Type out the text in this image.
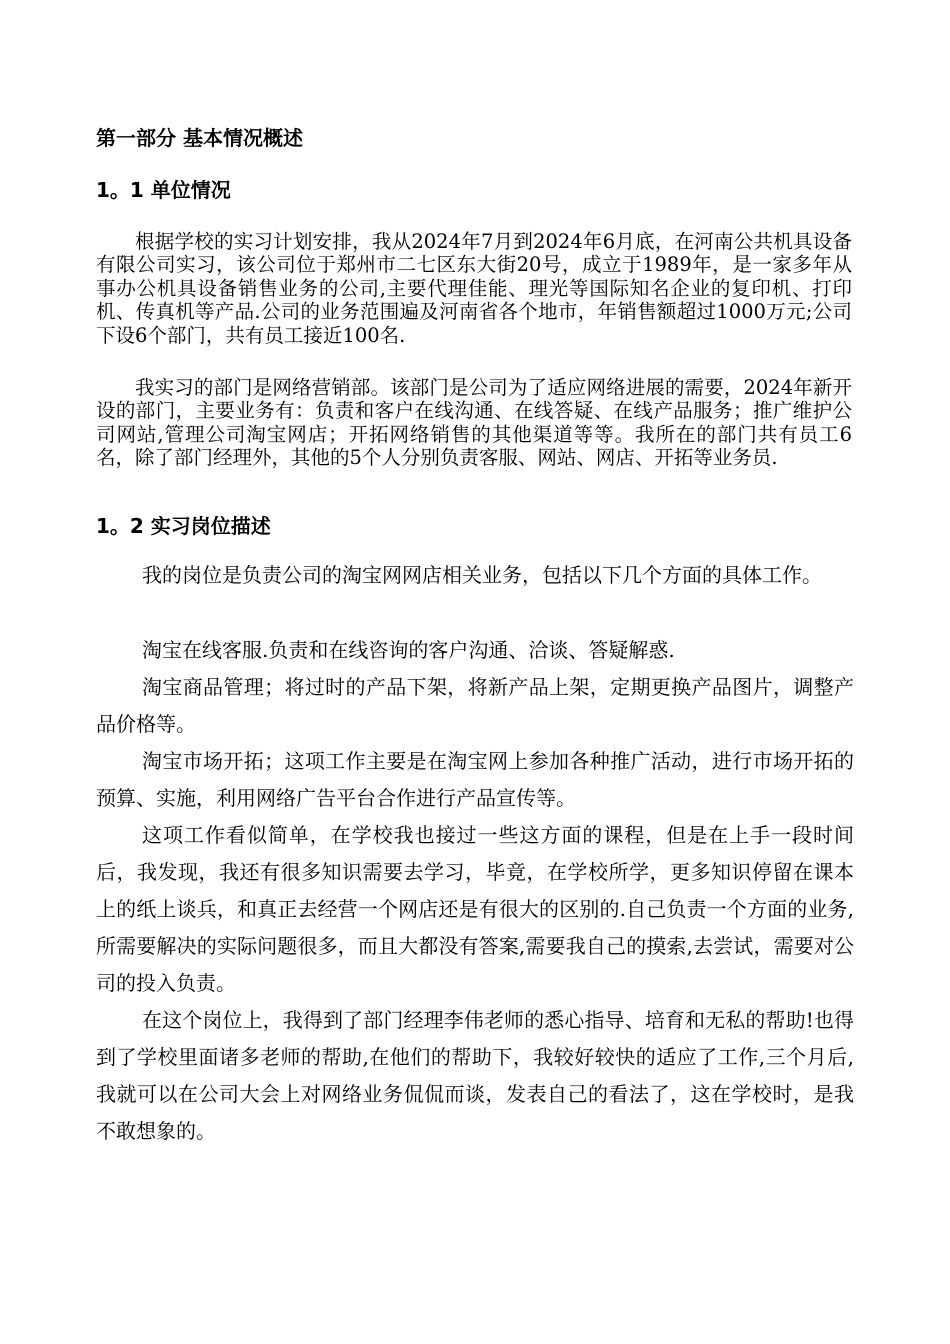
第一部分 基本情况概述
1。1 单位情况

根据学校的实习计划安排，我从2024年7月到2024年6月底，在河南公共机具设备有限公司实习，该公司位于郑州市二七区东大街20号，成立于1989年，是一家多年从事办公机具设备销售业务的公司,主要代理佳能、理光等国际知名企业的复印机、打印机、传真机等产品.公司的业务范围遍及河南省各个地市，年销售额超过1000万元;公司下设6个部门，共有员工接近100名.

我实习的部门是网络营销部。该部门是公司为了适应网络进展的需要，2024年新开设的部门，主要业务有：负责和客户在线沟通、在线答疑、在线产品服务；推广维护公司网站,管理公司淘宝网店；开拓网络销售的其他渠道等等。我所在的部门共有员工6名，除了部门经理外，其他的5个人分别负责客服、网站、网店、开拓等业务员.

1。2 实习岗位描述

我的岗位是负责公司的淘宝网网店相关业务，包括以下几个方面的具体工作。

淘宝在线客服.负责和在线咨询的客户沟通、洽谈、答疑解惑.

淘宝商品管理；将过时的产品下架，将新产品上架，定期更换产品图片，调整产品价格等。

淘宝市场开拓；这项工作主要是在淘宝网上参加各种推广活动，进行市场开拓的预算、实施，利用网络广告平台合作进行产品宣传等。

这项工作看似简单，在学校我也接过一些这方面的课程，但是在上手一段时间后，我发现，我还有很多知识需要去学习，毕竟，在学校所学，更多知识停留在课本上的纸上谈兵，和真正去经营一个网店还是有很大的区别的.自己负责一个方面的业务,所需要解决的实际问题很多，而且大都没有答案,需要我自己的摸索,去尝试，需要对公司的投入负责。

在这个岗位上，我得到了部门经理李伟老师的悉心指导、培育和无私的帮助!也得到了学校里面诸多老师的帮助,在他们的帮助下，我较好较快的适应了工作,三个月后,我就可以在公司大会上对网络业务侃侃而谈，发表自己的看法了，这在学校时，是我不敢想象的。
